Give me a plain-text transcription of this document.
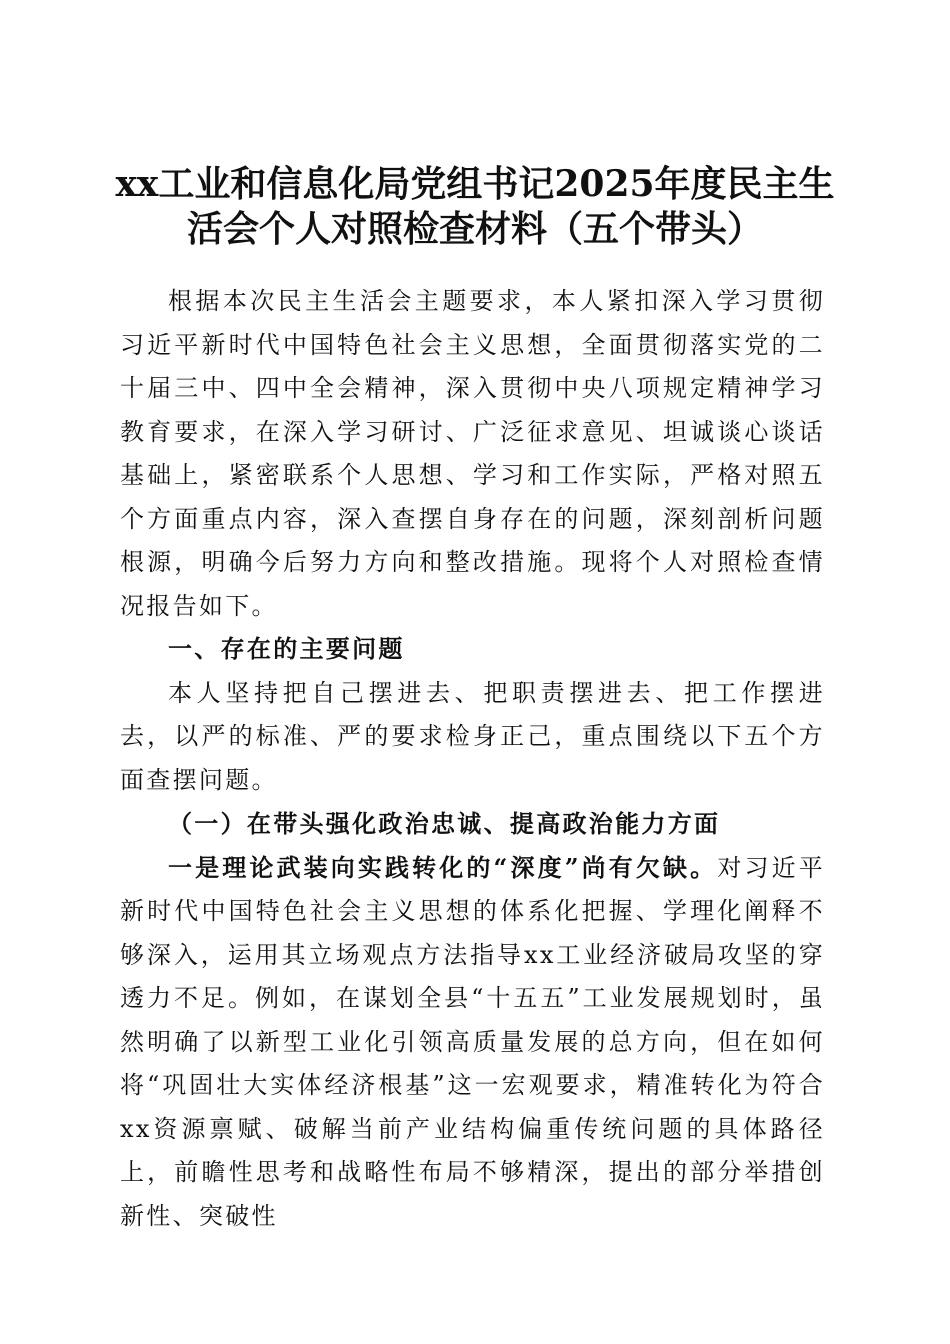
xx工业和信息化局党组书记2025年度民主生
活会个人对照检查材料（五个带头）

根据本次民主生活会主题要求，本人紧扣深入学习贯彻习近平新时代中国特色社会主义思想，全面贯彻落实党的二十届三中、四中全会精神，深入贯彻中央八项规定精神学习教育要求，在深入学习研讨、广泛征求意见、坦诚谈心谈话基础上，紧密联系个人思想、学习和工作实际，严格对照五个方面重点内容，深入查摆自身存在的问题，深刻剖析问题根源，明确今后努力方向和整改措施。现将个人对照检查情况报告如下。

一、存在的主要问题

本人坚持把自己摆进去、把职责摆进去、把工作摆进去，以严的标准、严的要求检身正己，重点围绕以下五个方面查摆问题。

（一）在带头强化政治忠诚、提高政治能力方面

一是理论武装向实践转化的“深度”尚有欠缺。对习近平新时代中国特色社会主义思想的体系化把握、学理化阐释不够深入，运用其立场观点方法指导xx工业经济破局攻坚的穿透力不足。例如，在谋划全县“十五五”工业发展规划时，虽然明确了以新型工业化引领高质量发展的总方向，但在如何将“巩固壮大实体经济根基”这一宏观要求，精准转化为符合xx资源禀赋、破解当前产业结构偏重传统问题的具体路径上，前瞻性思考和战略性布局不够精深，提出的部分举措创新性、突破性
